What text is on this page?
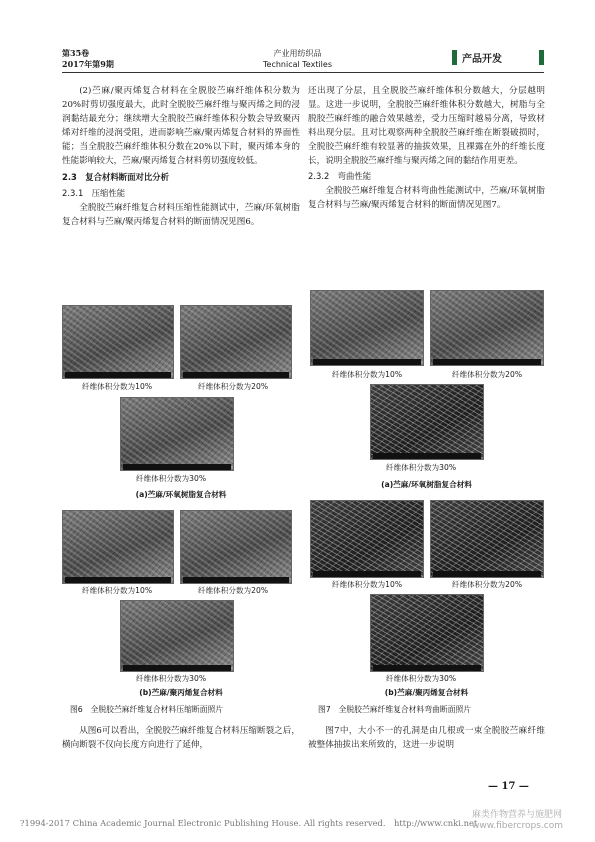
第35卷
2017年第9期
产业用纺织品
Technical Textiles	产品开发

(2)苎麻/聚丙烯复合材料在全脱胶苎麻纤维体积分数为20%时剪切强度最大，此时全脱胶苎麻纤维与聚丙烯之间的浸润黏结最充分；继续增大全脱胶苎麻纤维体积分数会导致聚丙烯对纤维的浸润受阻，进而影响苎麻/聚丙烯复合材料的界面性能；当全脱胶苎麻纤维体积分数在20%以下时，聚丙烯本身的性能影响较大，苎麻/聚丙烯复合材料剪切强度较低。

2.3　复合材料断面对比分析
2.3.1　压缩性能

全脱胶苎麻纤维复合材料压缩性能测试中，苎麻/环氧树脂复合材料与苎麻/聚丙烯复合材料的断面情况见图6。

还出现了分层，且全脱胶苎麻纤维体积分数越大，分层越明显。这进一步说明，全脱胶苎麻纤维体积分数越大，树脂与全脱胶苎麻纤维的融合效果越差，受力压缩时越易分离，导致材料出现分层。且对比观察两种全脱胶苎麻纤维在断裂破损时，全脱胶苎麻纤维有较显著的抽拔效果，且裸露在外的纤维长度长，说明全脱胶苎麻纤维与聚丙烯之间的黏结作用更差。

2.3.2　弯曲性能

全脱胶苎麻纤维复合材料弯曲性能测试中，苎麻/环氧树脂复合材料与苎麻/聚丙烯复合材料的断面情况见图7。

纤维体积分数为10%	纤维体积分数为20%
纤维体积分数为30%
(a)苎麻/环氧树脂复合材料
纤维体积分数为10%	纤维体积分数为20%
纤维体积分数为30%
(b)苎麻/聚丙烯复合材料
图6　全脱胶苎麻纤维复合材料压缩断面照片
纤维体积分数为10%	纤维体积分数为20%
纤维体积分数为30%
(a)苎麻/环氧树脂复合材料
纤维体积分数为10%	纤维体积分数为20%
纤维体积分数为30%
(b)苎麻/聚丙烯复合材料
图7　全脱胶苎麻纤维复合材料弯曲断面照片

从图6可以看出，全脱胶苎麻纤维复合材料压缩断裂之后，横向断裂不仅向长度方向进行了延伸，

图7中，大小不一的孔洞是由几根或一束全脱胶苎麻纤维被整体抽拔出来所致的，这进一步说明

— 17 —
?1994-2017 China Academic Journal Electronic Publishing House. All rights reserved.　http://www.cnki.net
麻类作物营养与施肥网
www.fibercrops.com
